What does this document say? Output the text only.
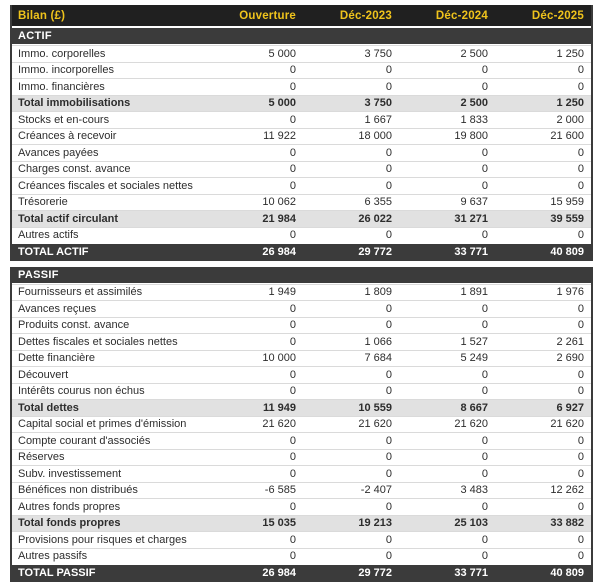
Bilan (£)	Ouverture	Déc-2023	Déc-2024	Déc-2025
ACTIF
Immo. corporelles	5 000	3 750	2 500	1 250
Immo. incorporelles	0	0	0	0
Immo. financières	0	0	0	0
Total immobilisations	5 000	3 750	2 500	1 250
Stocks et en-cours	0	1 667	1 833	2 000
Créances à recevoir	11 922	18 000	19 800	21 600
Avances payées	0	0	0	0
Charges const. avance	0	0	0	0
Créances fiscales et sociales nettes	0	0	0	0
Trésorerie	10 062	6 355	9 637	15 959
Total actif circulant	21 984	26 022	31 271	39 559
Autres actifs	0	0	0	0
TOTAL ACTIF	26 984	29 772	33 771	40 809
PASSIF
Fournisseurs et assimilés	1 949	1 809	1 891	1 976
Avances reçues	0	0	0	0
Produits const. avance	0	0	0	0
Dettes fiscales et sociales nettes	0	1 066	1 527	2 261
Dette financière	10 000	7 684	5 249	2 690
Découvert	0	0	0	0
Intérêts courus non échus	0	0	0	0
Total dettes	11 949	10 559	8 667	6 927
Capital social et primes d'émission	21 620	21 620	21 620	21 620
Compte courant d'associés	0	0	0	0
Réserves	0	0	0	0
Subv. investissement	0	0	0	0
Bénéfices non distribués	-6 585	-2 407	3 483	12 262
Autres fonds propres	0	0	0	0
Total fonds propres	15 035	19 213	25 103	33 882
Provisions pour risques et charges	0	0	0	0
Autres passifs	0	0	0	0
TOTAL PASSIF	26 984	29 772	33 771	40 809
